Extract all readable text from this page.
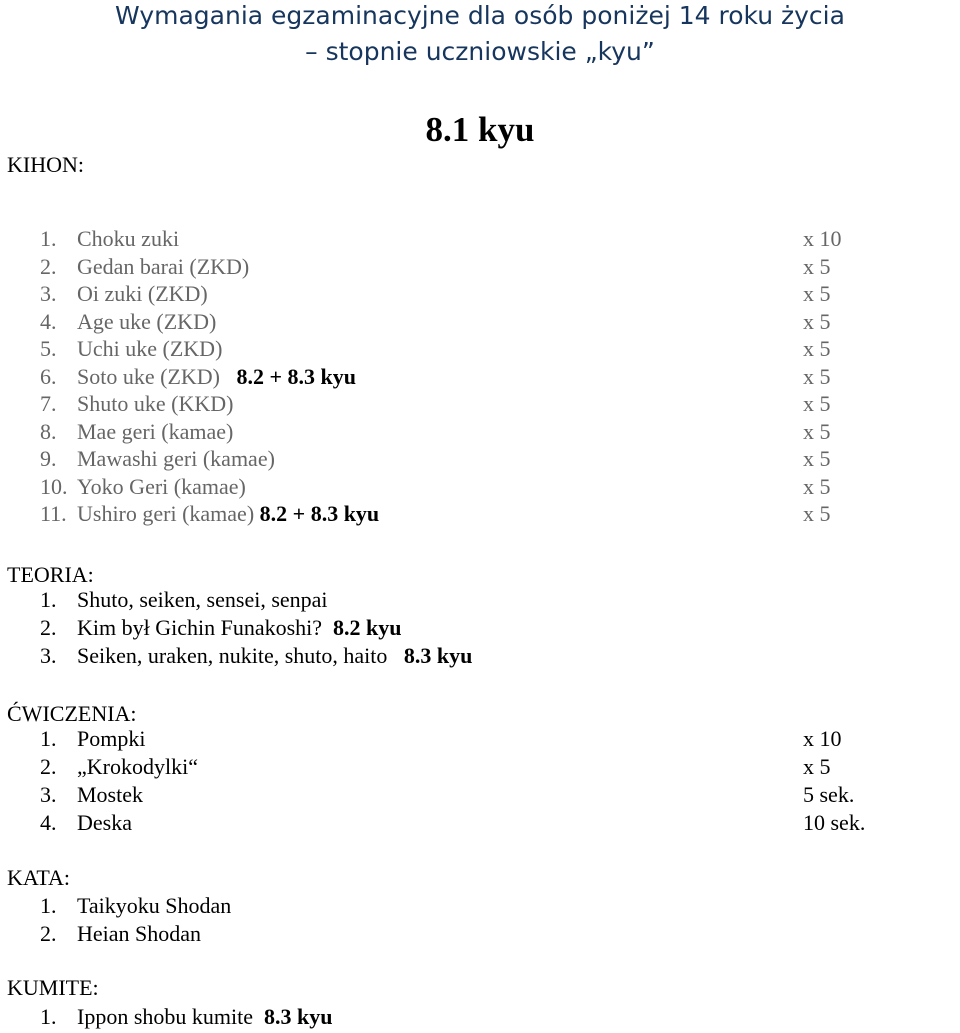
Wymagania egzaminacyjne dla osób poniżej 14 roku życia
– stopnie uczniowskie „kyu”
8.1 kyu
KIHON:
1. Choku zuki	x 10
2. Gedan barai (ZKD)	x 5
3. Oi zuki (ZKD)	x 5
4. Age uke (ZKD)	x 5
5. Uchi uke (ZKD)	x 5
6. Soto uke (ZKD)   8.2 + 8.3 kyu	x 5
7. Shuto uke (KKD)	x 5
8. Mae geri (kamae)	x 5
9. Mawashi geri (kamae)	x 5
10. Yoko Geri (kamae)	x 5
11. Ushiro geri (kamae) 8.2 + 8.3 kyu	x 5
TEORIA:
1. Shuto, seiken, sensei, senpai
2. Kim był Gichin Funakoshi?  8.2 kyu
3. Seiken, uraken, nukite, shuto, haito   8.3 kyu
ĆWICZENIA:
1. Pompki	x 10
2. „Krokodylki“	x 5
3. Mostek	5 sek.
4. Deska	10 sek.
KATA:
1. Taikyoku Shodan
2. Heian Shodan
KUMITE:
1. Ippon shobu kumite  8.3 kyu
